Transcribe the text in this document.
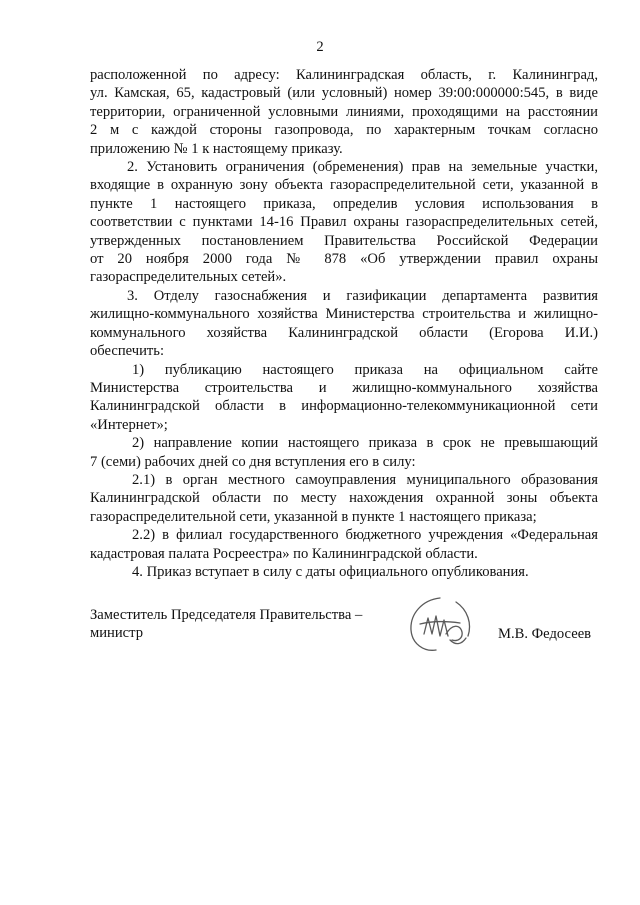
2
расположенной по адресу: Калининградская область, г. Калининград,
ул. Камская, 65, кадастровый (или условный) номер 39:00:000000:545, в виде
территории, ограниченной условными линиями, проходящими на расстоянии
2 м с каждой стороны газопровода, по характерным точкам согласно
приложению № 1 к настоящему приказу.
2. Установить ограничения (обременения) прав на земельные участки,
входящие в охранную зону объекта газораспределительной сети, указанной в
пункте 1 настоящего приказа, определив условия использования в
соответствии с пунктами 14-16 Правил охраны газораспределительных сетей,
утвержденных постановлением Правительства Российской Федерации
от 20 ноября 2000 года № 878 «Об утверждении правил охраны
газораспределительных сетей».
3. Отделу газоснабжения и газификации департамента развития
жилищно-коммунального хозяйства Министерства строительства и жилищно-
коммунального хозяйства Калининградской области (Егорова И.И.)
обеспечить:
1) публикацию настоящего приказа на официальном сайте
Министерства строительства и жилищно-коммунального хозяйства
Калининградской области в информационно-телекоммуникационной сети
«Интернет»;
2) направление копии настоящего приказа в срок не превышающий
7 (семи) рабочих дней со дня вступления его в силу:
2.1) в орган местного самоуправления муниципального образования
Калининградской области по месту нахождения охранной зоны объекта
газораспределительной сети, указанной в пункте 1 настоящего приказа;
2.2) в филиал государственного бюджетного учреждения «Федеральная
кадастровая палата Росреестра» по Калининградской области.
4. Приказ вступает в силу с даты официального опубликования.
Заместитель Председателя Правительства –
министр	М.В. Федосеев
